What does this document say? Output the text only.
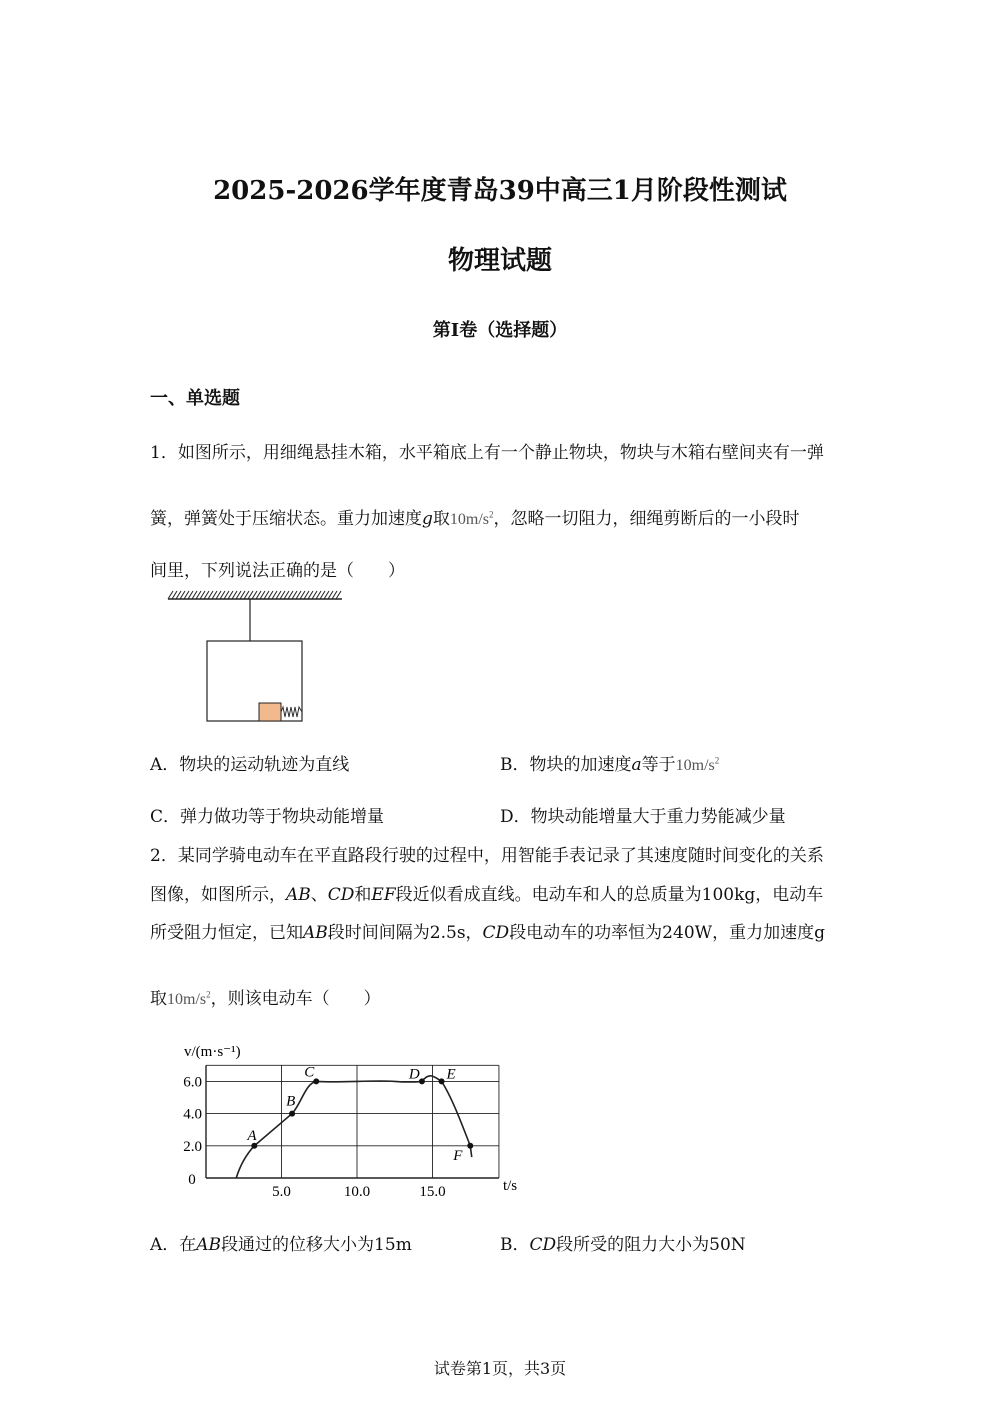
2025-2026学年度青岛39中高三1月阶段性测试
物理试题
第I卷（选择题）
一、单选题
1．如图所示，用细绳悬挂木箱，水平箱底上有一个静止物块，物块与木箱右壁间夹有一弹
簧，弹簧处于压缩状态。重力加速度g取$10m/s^2$，忽略一切阻力，细绳剪断后的一小段时
间里，下列说法正确的是（　　）
A．物块的运动轨迹为直线	B．物块的加速度a等于$10m/s^2$
C．弹力做功等于物块动能增量	D．物块动能增量大于重力势能减少量
2．某同学骑电动车在平直路段行驶的过程中，用智能手表记录了其速度随时间变化的关系
图像，如图所示，AB、CD和EF段近似看成直线。电动车和人的总质量为100kg，电动车
所受阻力恒定，已知AB段时间间隔为2.5s，CD段电动车的功率恒为240W，重力加速度g
取$10m/s^2$，则该电动车（　　）
2.0
4.0
6.0
5.0	10.0	15.0
0
v/(m·s⁻¹)
t/s
A
B
C	D E
F
A．在AB段通过的位移大小为15m	B．CD段所受的阻力大小为50N
试卷第1页，共3页
